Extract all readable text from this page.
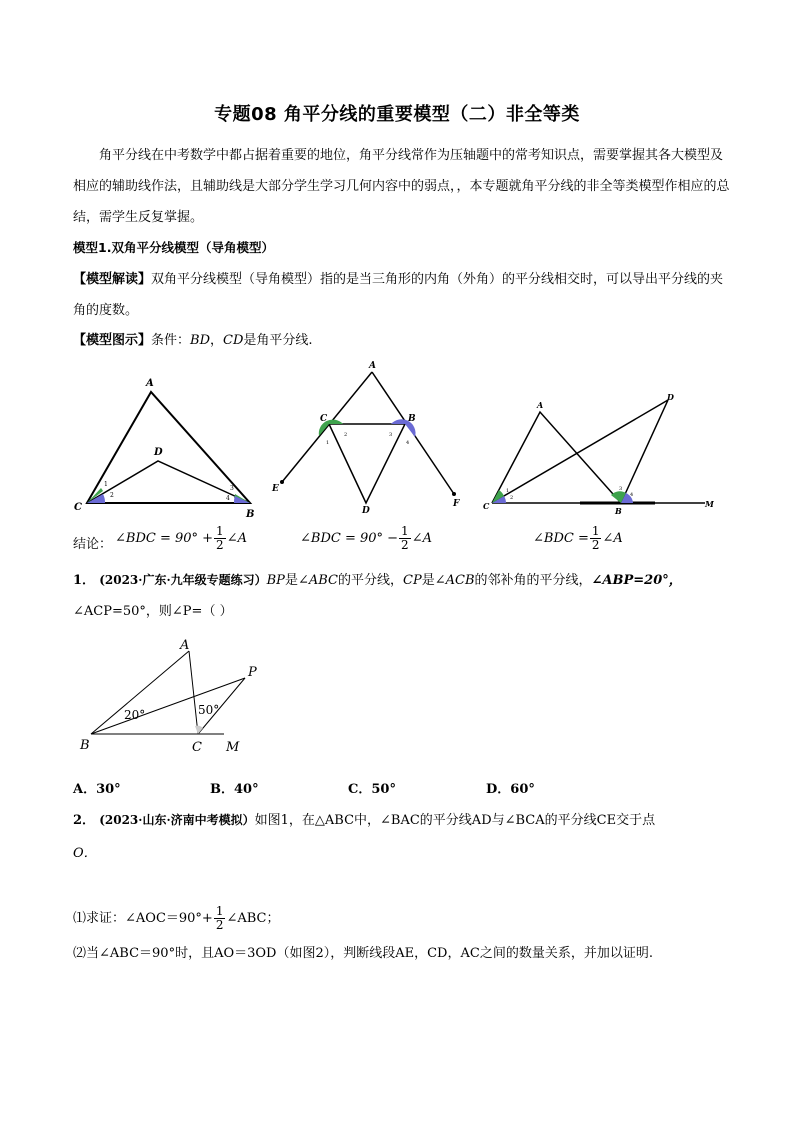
专题08 角平分线的重要模型（二）非全等类
角平分线在中考数学中都占据着重要的地位，角平分线常作为压轴题中的常考知识点，需要掌握其各大模型及相应的辅助线作法，且辅助线是大部分学生学习几何内容中的弱点，，本专题就角平分线的非全等类模型作相应的总结，需学生反复掌握。
模型1.双角平分线模型（导角模型）
【模型解读】双角平分线模型（导角模型）指的是当三角形的内角（外角）的平分线相交时，可以导出平分线的夹角的度数。
【模型图示】条件：BD，CD是角平分线.
A
D
C
B
1
2
3
4
A
C	B
E
D
F
2
1
3
4
A
D
C	B
M
1
2
3
4
结论： ∠BDC = $90^\circ + \frac{1}{2}$ ∠A	∠BDC = $90^\circ - \frac{1}{2}$ ∠A	∠BDC = $\frac{1}{2}$ ∠A
1． (2023·广东·九年级专题练习）BP是∠ABC的平分线，CP是∠ACB的邻补角的平分线，∠ABP=20°，
∠ACP=50°，则∠P=（ ）
A
P
B	C M
20°	50°
A．30°	B．40°	C．50°	D．60°
2． (2023·山东·济南中考模拟）如图1，在△ABC中，∠BAC的平分线AD与∠BCA的平分线CE交于点
O．
⑴求证：∠AOC＝90°+ $\frac{1}{2}$ ∠ABC；
⑵当∠ABC＝90°时，且AO＝3OD（如图2），判断线段AE，CD，AC之间的数量关系，并加以证明.
